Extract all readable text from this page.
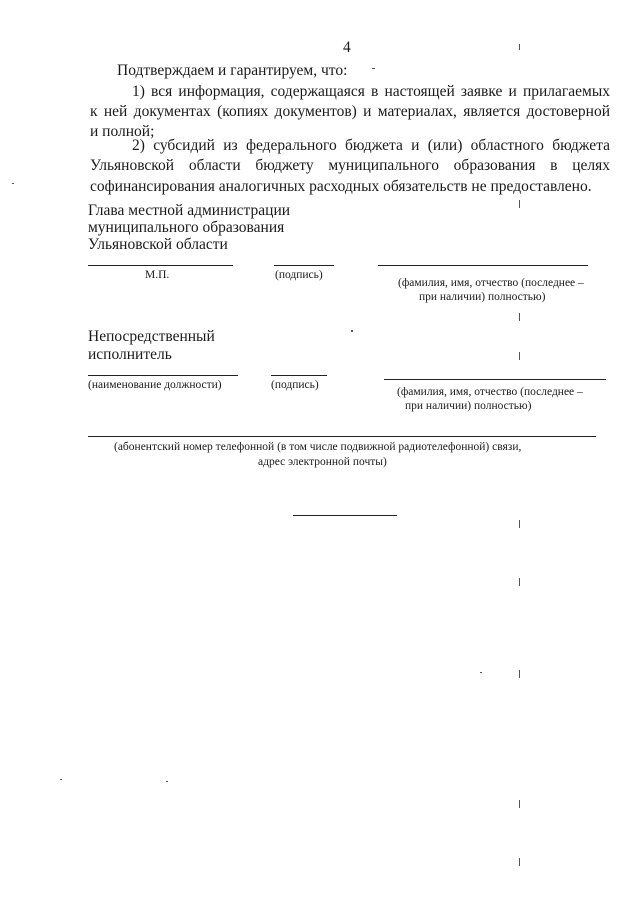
4
Подтверждаем и гарантируем, что:
1) вся информация, содержащаяся в настоящей заявке и прилагаемых
к ней документах (копиях документов) и материалах, является достоверной
и полной;
2) субсидий из федерального бюджета и (или) областного бюджета
Ульяновской области бюджету муниципального образования в целях
софинансирования аналогичных расходных обязательств не предоставлено.
Глава местной администрации
муниципального образования
Ульяновской области
М.П.	(подпись)
(фамилия, имя, отчество (последнее –
при наличии) полностью)
Непосредственный
исполнитель
(наименование должности)	(подпись)
(фамилия, имя, отчество (последнее –
при наличии) полностью)
(абонентский номер телефонной (в том числе подвижной радиотелефонной) связи,
адрес электронной почты)
